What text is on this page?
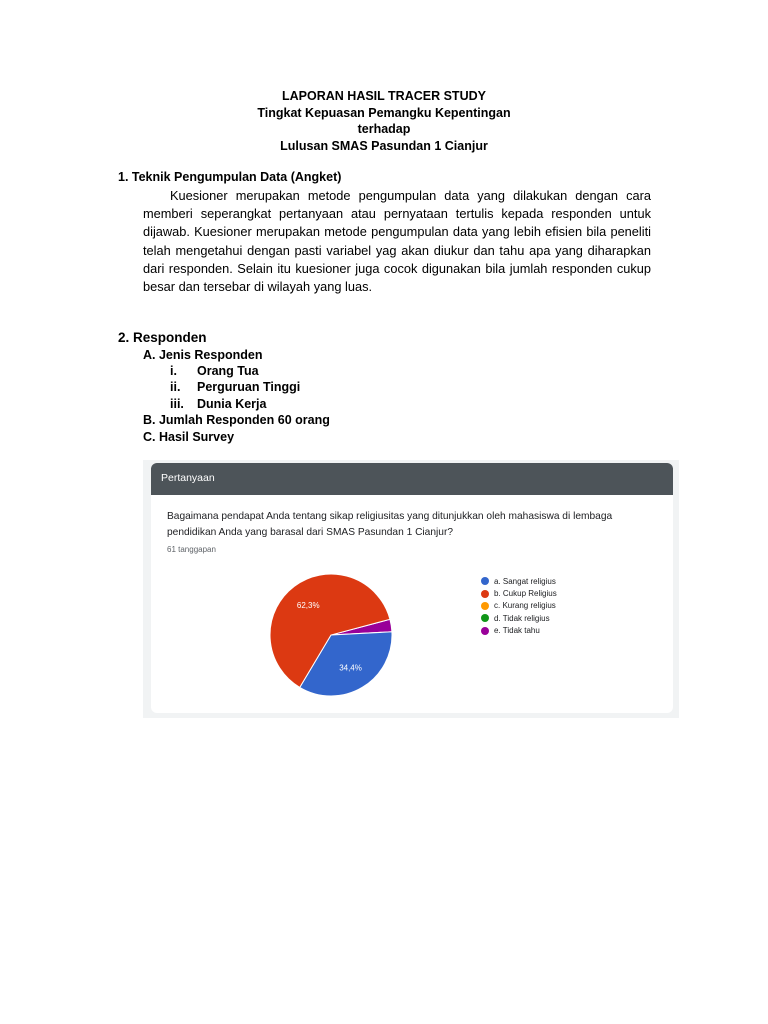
LAPORAN HASIL TRACER STUDY
Tingkat Kepuasan Pemangku Kepentingan
terhadap
Lulusan SMAS Pasundan 1 Cianjur
1. Teknik Pengumpulan Data (Angket)
Kuesioner merupakan metode pengumpulan data yang dilakukan dengan cara memberi seperangkat pertanyaan atau pernyataan tertulis kepada responden untuk dijawab. Kuesioner merupakan metode pengumpulan data yang lebih efisien bila peneliti telah mengetahui dengan pasti variabel yag akan diukur dan tahu apa yang diharapkan dari responden. Selain itu kuesioner juga cocok digunakan bila jumlah responden cukup besar dan tersebar di wilayah yang luas.
2. Responden
A. Jenis Responden
i. Orang Tua
ii. Perguruan Tinggi
iii. Dunia Kerja
B. Jumlah Responden 60 orang
C. Hasil Survey
Pertanyaan
Bagaimana pendapat Anda tentang sikap religiusitas yang ditunjukkan oleh mahasiswa di lembaga pendidikan Anda yang barasal dari SMAS Pasundan 1 Cianjur?
61 tanggapan
34,4%
62,3%
a. Sangat religius
b. Cukup Religius
c. Kurang religius
d. Tidak religius
e. Tidak tahu
